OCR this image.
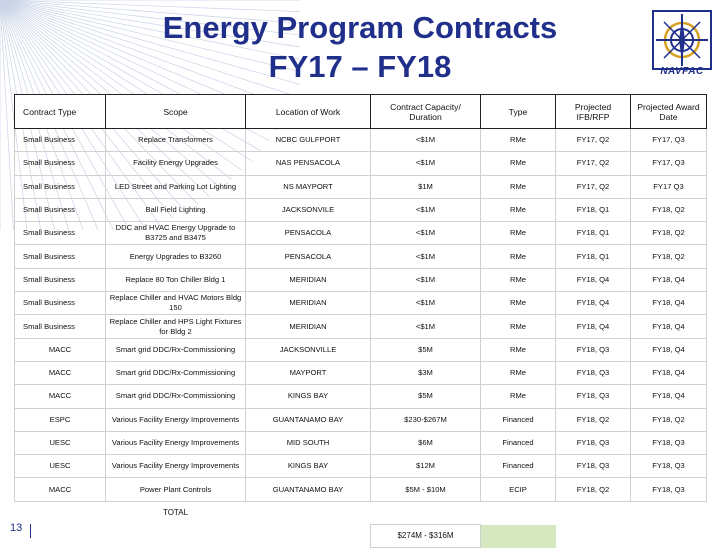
Energy Program Contracts
FY17 – FY18	NAVFAC
Contract Type	Scope	Location of Work	Contract Capacity/ Duration	Type	Projected IFB/RFP	Projected Award Date
Small Business	Replace Transformers	NCBC GULFPORT	<$1M	RMe	FY17, Q2	FY17, Q3
Small Business	Facility Energy Upgrades	NAS PENSACOLA	<$1M	RMe	FY17, Q2	FY17, Q3
Small Business	LED Street and Parking Lot Lighting	NS MAYPORT	$1M	RMe	FY17, Q2	FY17 Q3
Small Business	Ball Field Lighting	JACKSONVILE	<$1M	RMe	FY18, Q1	FY18, Q2
Small Business	DDC and HVAC Energy Upgrade to B3725 and B3475	PENSACOLA	<$1M	RMe	FY18, Q1	FY18, Q2
Small Business	Energy Upgrades to B3260	PENSACOLA	<$1M	RMe	FY18, Q1	FY18, Q2
Small Business	Replace 80 Ton Chiller Bldg 1	MERIDIAN	<$1M	RMe	FY18, Q4	FY18, Q4
Small Business	Replace Chiller and HVAC Motors Bldg 150	MERIDIAN	<$1M	RMe	FY18, Q4	FY18, Q4
Small Business	Replace Chiller and HPS Light Fixtures for Bldg 2	MERIDIAN	<$1M	RMe	FY18, Q4	FY18, Q4
MACC	Smart grid DDC/Rx-Commissioning	JACKSONVILLE	$5M	RMe	FY18, Q3	FY18, Q4
MACC	Smart grid DDC/Rx-Commissioning	MAYPORT	$3M	RMe	FY18, Q3	FY18, Q4
MACC	Smart grid DDC/Rx-Commissioning	KINGS BAY	$5M	RMe	FY18, Q3	FY18, Q4
ESPC	Various Facility Energy Improvements	GUANTANAMO BAY	$230-$267M	Financed	FY18, Q2	FY18, Q2
UESC	Various Facility Energy Improvements	MID SOUTH	$6M	Financed	FY18, Q3	FY18, Q3
UESC	Various Facility Energy Improvements	KINGS BAY	$12M	Financed	FY18, Q3	FY18, Q3
MACC	Power Plant Controls	GUANTANAMO BAY	$5M - $10M	ECIP	FY18, Q2	FY18, Q3
	TOTAL					
			$274M - $316M			
13
